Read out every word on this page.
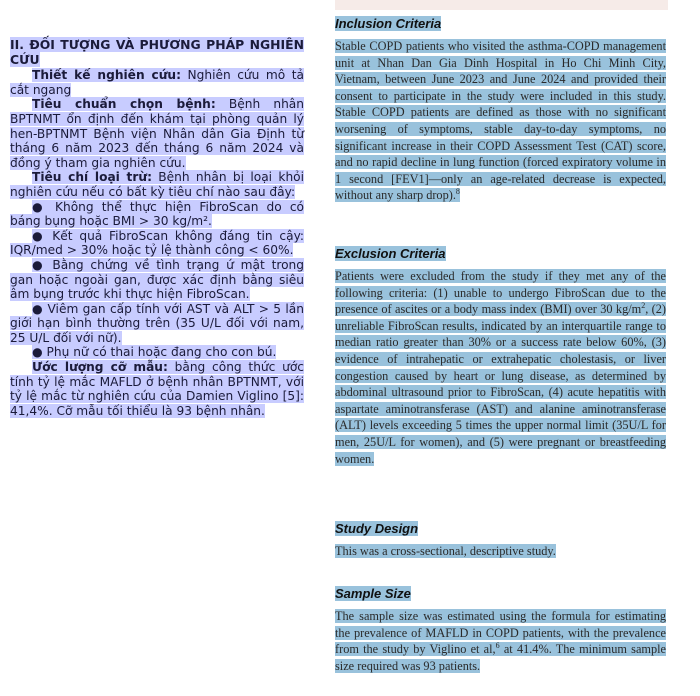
II. ĐỐI TƯỢNG VÀ PHƯƠNG PHÁP NGHIÊN CỨU

Thiết kế nghiên cứu: Nghiên cứu mô tả cắt ngang

Tiêu chuẩn chọn bệnh: Bệnh nhân BPTNMT ổn định đến khám tại phòng quản lý hen-BPTNMT Bệnh viện Nhân dân Gia Định từ tháng 6 năm 2023 đến tháng 6 năm 2024 và đồng ý tham gia nghiên cứu.

Tiêu chí loại trừ: Bệnh nhân bị loại khỏi nghiên cứu nếu có bất kỳ tiêu chí nào sau đây:

● Không thể thực hiện FibroScan do có báng bụng hoặc BMI > 30 kg/m².

● Kết quả FibroScan không đáng tin cậy: IQR/med > 30% hoặc tỷ lệ thành công < 60%.

● Bằng chứng về tình trạng ứ mật trong gan hoặc ngoài gan, được xác định bằng siêu âm bụng trước khi thực hiện FibroScan.

● Viêm gan cấp tính với AST và ALT > 5 lần giới hạn bình thường trên (35 U/L đối với nam, 25 U/L đối với nữ).

● Phụ nữ có thai hoặc đang cho con bú.

Ước lượng cỡ mẫu: bằng công thức ước tính tỷ lệ mắc MAFLD ở bệnh nhân BPTNMT, với tỷ lệ mắc từ nghiên cứu của Damien Viglino [5]: 41,4%. Cỡ mẫu tối thiểu là 93 bệnh nhân.

Inclusion Criteria

Stable COPD patients who visited the asthma-COPD management unit at Nhan Dan Gia Dinh Hospital in Ho Chi Minh City, Vietnam, between June 2023 and June 2024 and provided their consent to participate in the study were included in this study. Stable COPD patients are defined as those with no significant worsening of symptoms, stable day-to-day symptoms, no significant increase in their COPD Assessment Test (CAT) score, and no rapid decline in lung function (forced expiratory volume in 1 second [FEV1]—only an age-related decrease is expected, without any sharp drop).$^8$

Exclusion Criteria

Patients were excluded from the study if they met any of the following criteria: (1) unable to undergo FibroScan due to the presence of ascites or a body mass index (BMI) over 30 $kg/m^2$, (2) unreliable FibroScan results, indicated by an interquartile range to median ratio greater than 30% or a success rate below 60%, (3) evidence of intrahepatic or extrahepatic cholestasis, or liver congestion caused by heart or lung disease, as determined by abdominal ultrasound prior to FibroScan, (4) acute hepatitis with aspartate aminotransferase (AST) and alanine aminotransferase (ALT) levels exceeding 5 times the upper normal limit (35U/L for men, 25U/L for women), and (5) were pregnant or breastfeeding women.

Study Design

This was a cross-sectional, descriptive study.

Sample Size

The sample size was estimated using the formula for estimating the prevalence of MAFLD in COPD patients, with the prevalence from the study by Viglino et al,$^6$ at 41.4%. The minimum sample size required was 93 patients.
